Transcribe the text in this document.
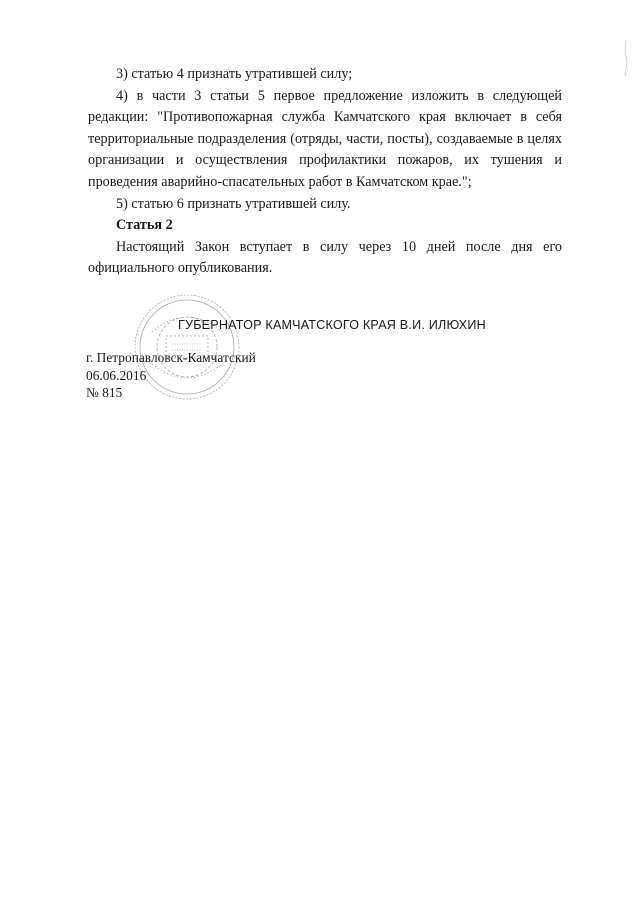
3) статью 4 признать утратившей силу;

4) в части 3 статьи 5 первое предложение изложить в следующей редакции: "Противопожарная служба Камчатского края включает в себя территориальные подразделения (отряды, части, посты), создаваемые в целях организации и осуществления профилактики пожаров, их тушения и проведения аварийно-спасательных работ в Камчатском крае.";

5) статью 6 признать утратившей силу.

Статья 2

Настоящий Закон вступает в силу через 10 дней после дня его официального опубликования.

ГУБЕРНАТОР КАМЧАТСКОГО КРАЯ В.И. ИЛЮХИН
г. Петропавловск-Камчатский
06.06.2016
№ 815
